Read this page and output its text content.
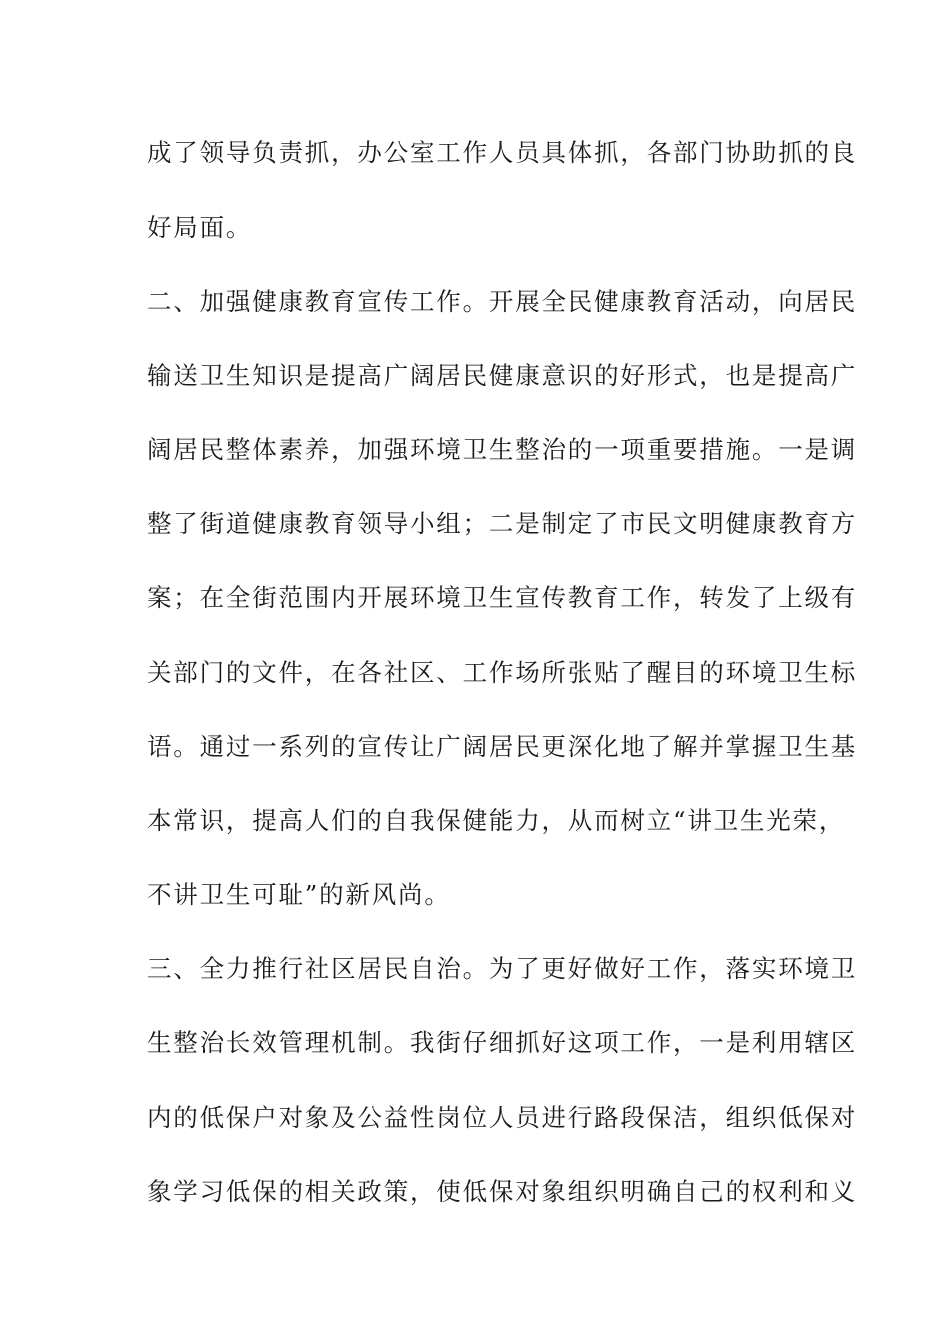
成了领导负责抓，办公室工作人员具体抓，各部门协助抓的良
好局面。
二、加强健康教育宣传工作。开展全民健康教育活动，向居民
输送卫生知识是提高广阔居民健康意识的好形式，也是提高广
阔居民整体素养，加强环境卫生整治的一项重要措施。一是调
整了街道健康教育领导小组；二是制定了市民文明健康教育方
案；在全街范围内开展环境卫生宣传教育工作，转发了上级有
关部门的文件，在各社区、工作场所张贴了醒目的环境卫生标
语。通过一系列的宣传让广阔居民更深化地了解并掌握卫生基
本常识，提高人们的自我保健能力，从而树立“讲卫生光荣，
不讲卫生可耻”的新风尚。
三、全力推行社区居民自治。为了更好做好工作，落实环境卫
生整治长效管理机制。我街仔细抓好这项工作，一是利用辖区
内的低保户对象及公益性岗位人员进行路段保洁，组织低保对
象学习低保的相关政策，使低保对象组织明确自己的权利和义
